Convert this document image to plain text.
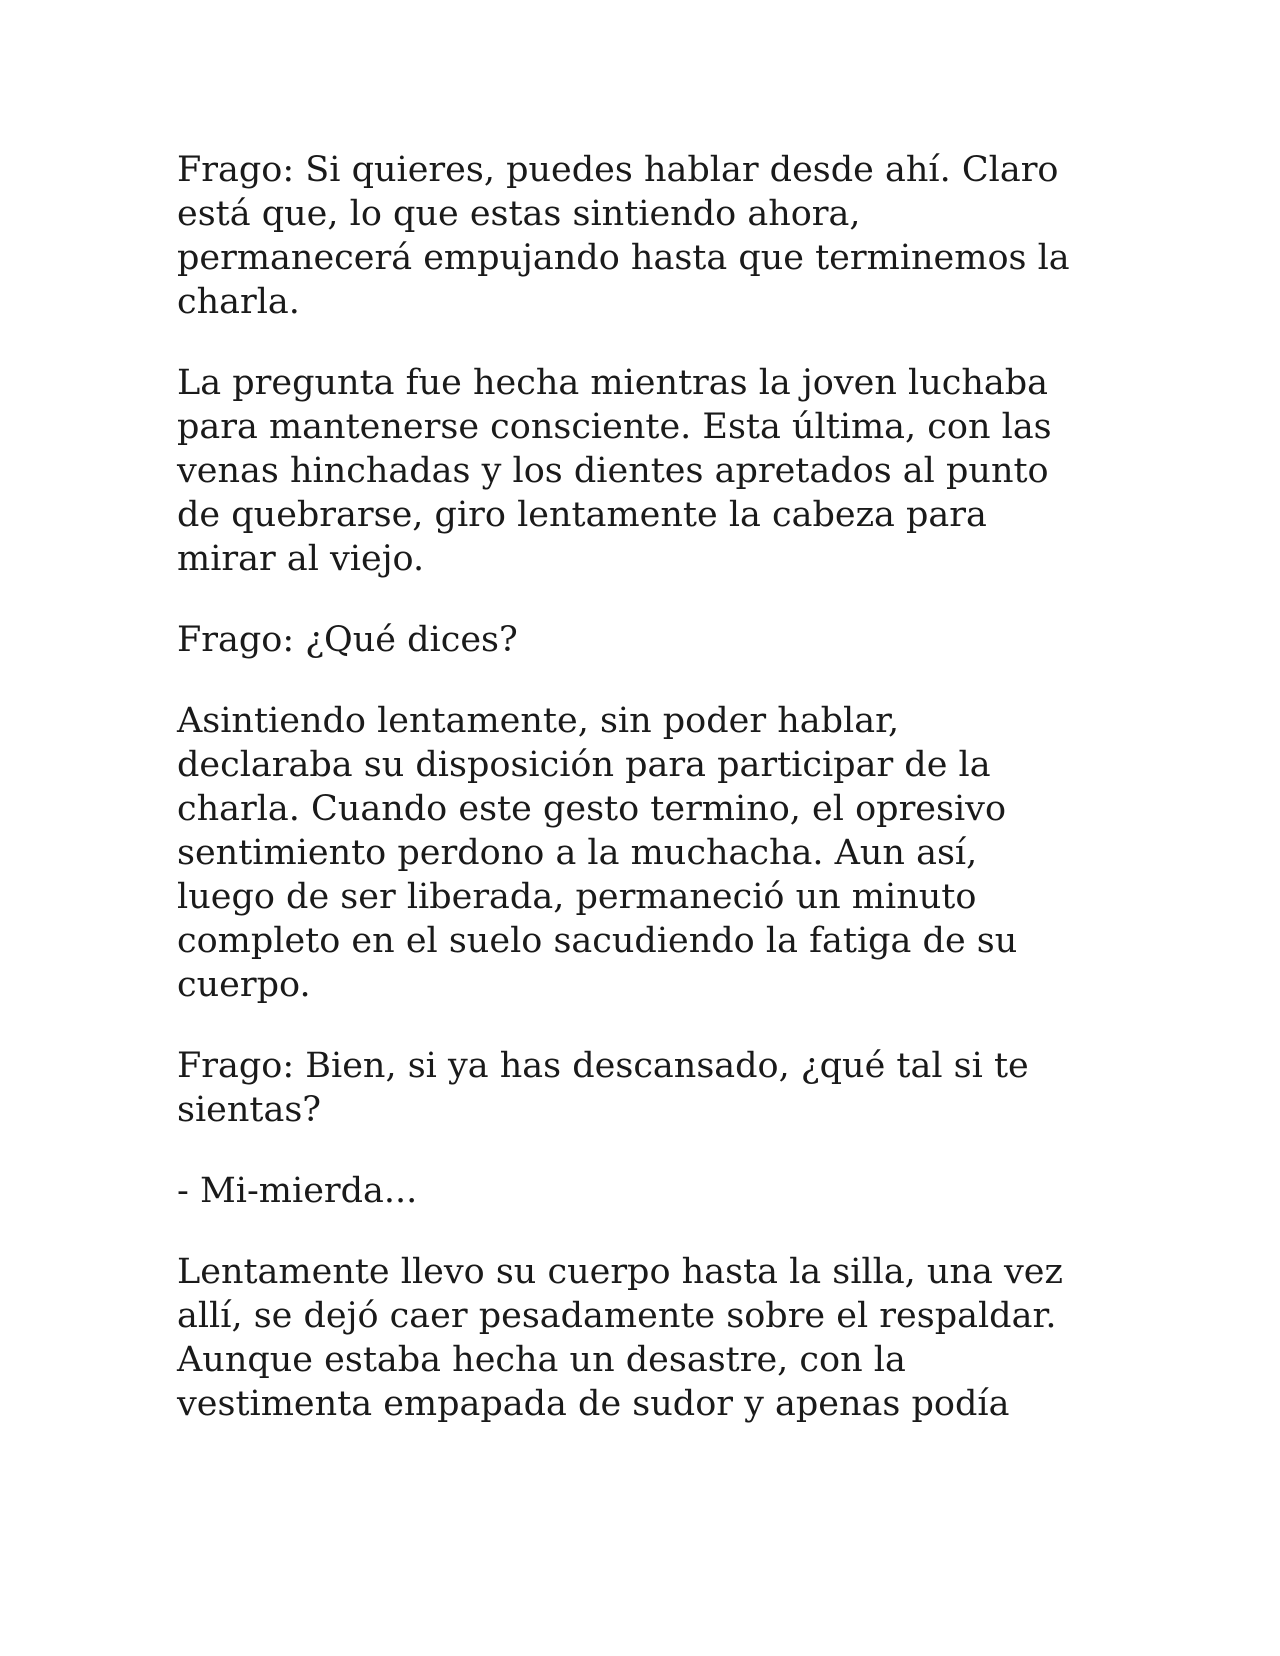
Frago: Si quieres, puedes hablar desde ahí. Claro
está que, lo que estas sintiendo ahora,
permanecerá empujando hasta que terminemos la
charla.

La pregunta fue hecha mientras la joven luchaba
para mantenerse consciente. Esta última, con las
venas hinchadas y los dientes apretados al punto
de quebrarse, giro lentamente la cabeza para
mirar al viejo.

Frago: ¿Qué dices?

Asintiendo lentamente, sin poder hablar,
declaraba su disposición para participar de la
charla. Cuando este gesto termino, el opresivo
sentimiento perdono a la muchacha. Aun así,
luego de ser liberada, permaneció un minuto
completo en el suelo sacudiendo la fatiga de su
cuerpo.

Frago: Bien, si ya has descansado, ¿qué tal si te
sientas?

- Mi-mierda...

Lentamente llevo su cuerpo hasta la silla, una vez
allí, se dejó caer pesadamente sobre el respaldar.
Aunque estaba hecha un desastre, con la
vestimenta empapada de sudor y apenas podía
